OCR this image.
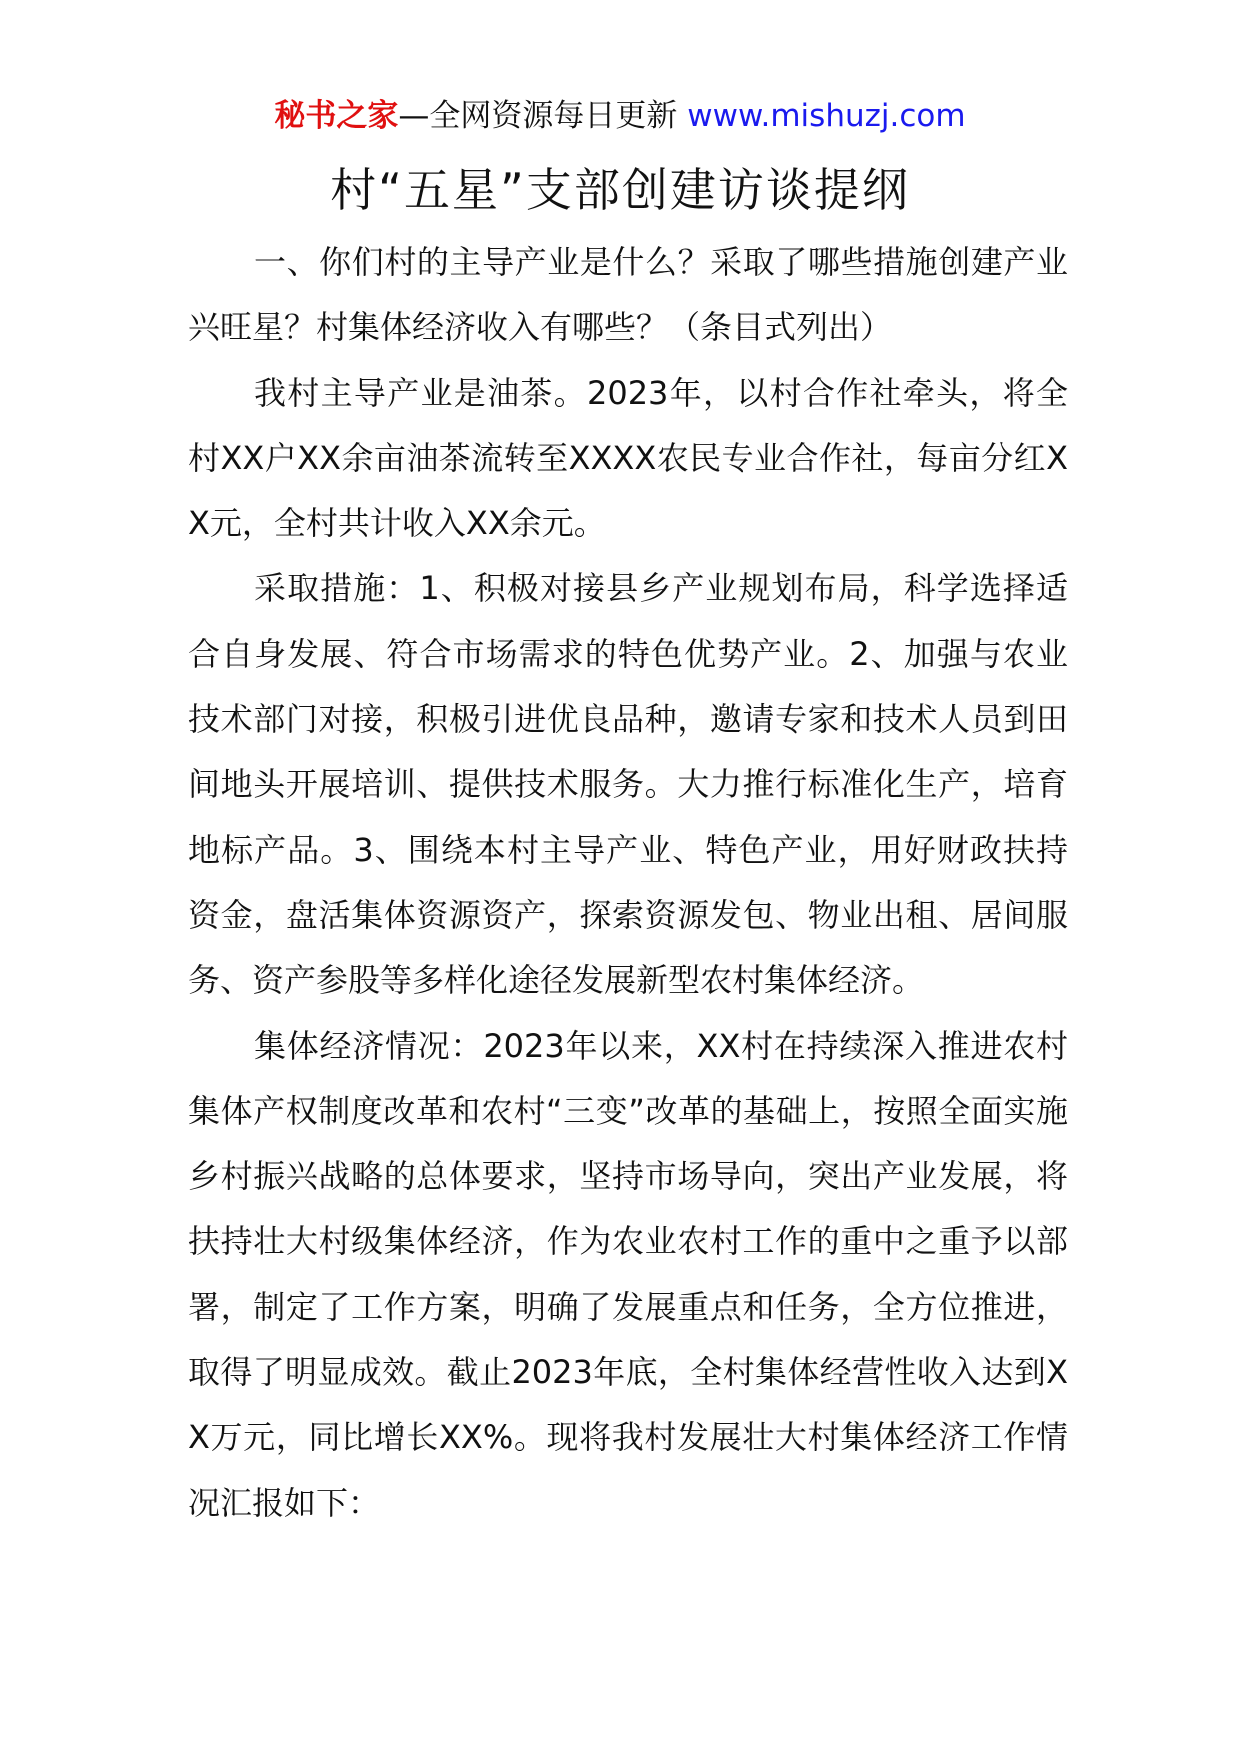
秘书之家—全网资源每日更新 www.mishuzj.com
村“五星”支部创建访谈提纲

一、你们村的主导产业是什么？采取了哪些措施创建产业兴旺星？村集体经济收入有哪些？（条目式列出）

我村主导产业是油茶。2023年，以村合作社牵头，将全村XX户XX余亩油茶流转至XXXX农民专业合作社，每亩分红XX元，全村共计收入XX余元。

采取措施：1、积极对接县乡产业规划布局，科学选择适合自身发展、符合市场需求的特色优势产业。2、加强与农业技术部门对接，积极引进优良品种，邀请专家和技术人员到田间地头开展培训、提供技术服务。大力推行标准化生产，培育地标产品。3、围绕本村主导产业、特色产业，用好财政扶持资金，盘活集体资源资产，探索资源发包、物业出租、居间服务、资产参股等多样化途径发展新型农村集体经济。

集体经济情况：2023年以来，XX村在持续深入推进农村集体产权制度改革和农村“三变”改革的基础上，按照全面实施乡村振兴战略的总体要求，坚持市场导向，突出产业发展，将扶持壮大村级集体经济，作为农业农村工作的重中之重予以部署，制定了工作方案，明确了发展重点和任务，全方位推进，取得了明显成效。截止2023年底，全村集体经营性收入达到XX万元，同比增长XX%。现将我村发展壮大村集体经济工作情况汇报如下：
